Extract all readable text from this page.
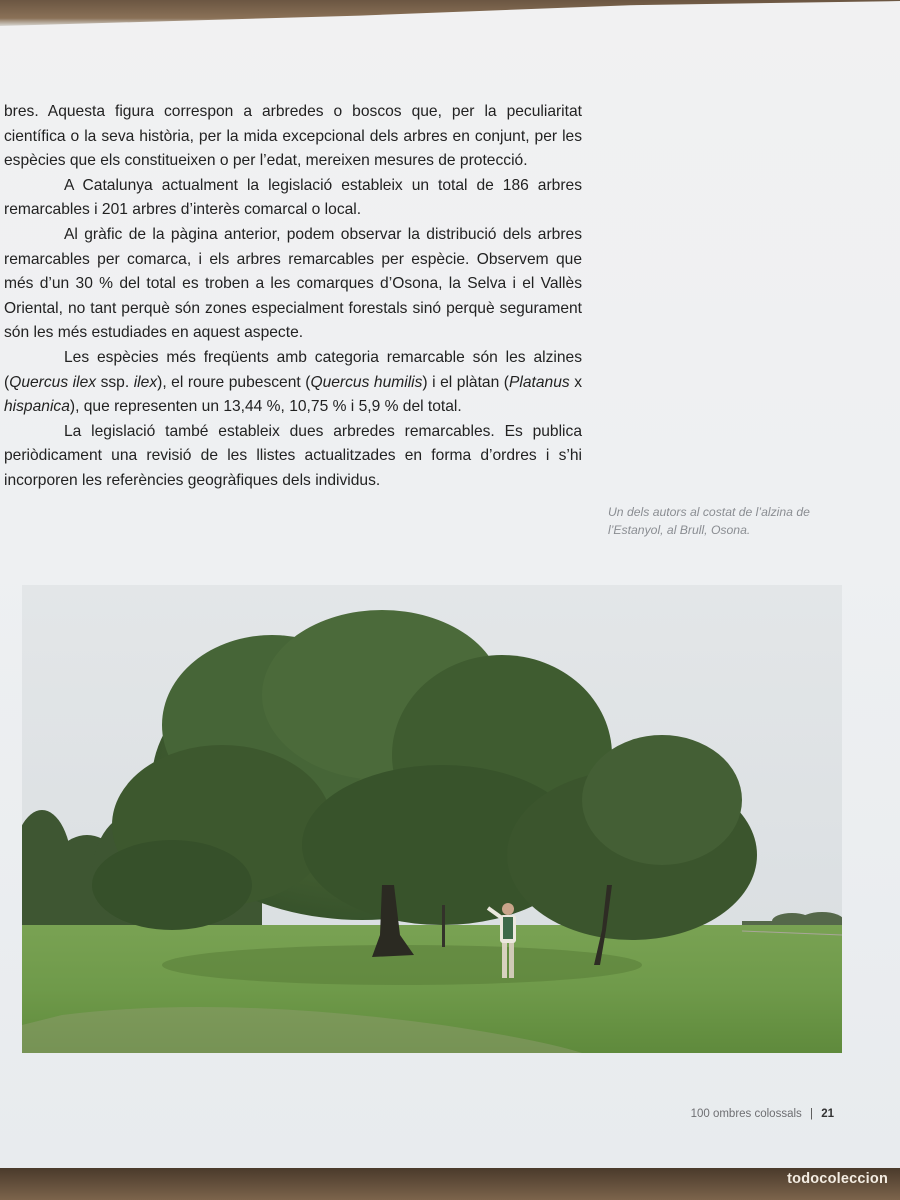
bres. Aquesta figura correspon a arbredes o boscos que, per la peculiaritat científica o la seva història, per la mida excepcional dels arbres en conjunt, per les espècies que els constitueixen o per l’edat, mereixen mesures de protecció.

A Catalunya actualment la legislació estableix un total de 186 arbres remarcables i 201 arbres d’interès comarcal o local.

Al gràfic de la pàgina anterior, podem observar la distribució dels arbres remarcables per comarca, i els arbres remarcables per espècie. Observem que més d’un 30 % del total es troben a les comarques d’Osona, la Selva i el Vallès Oriental, no tant perquè són zones especialment forestals sinó perquè segurament són les més estudiades en aquest aspecte.

Les espècies més freqüents amb categoria remarcable són les alzines (Quercus ilex ssp. ilex), el roure pubescent (Quercus humilis) i el plàtan (Platanus x hispanica), que representen un 13,44 %, 10,75 % i 5,9 % del total.

La legislació també estableix dues arbredes remarcables. Es publica periòdicament una revisió de les llistes actualitzades en forma d’ordres i s’hi incorporen les referències geogràfiques dels individus.

Un dels autors al costat de l’alzina de l’Estanyol, al Brull, Osona.
100 ombres colossals | 21
todocoleccion
